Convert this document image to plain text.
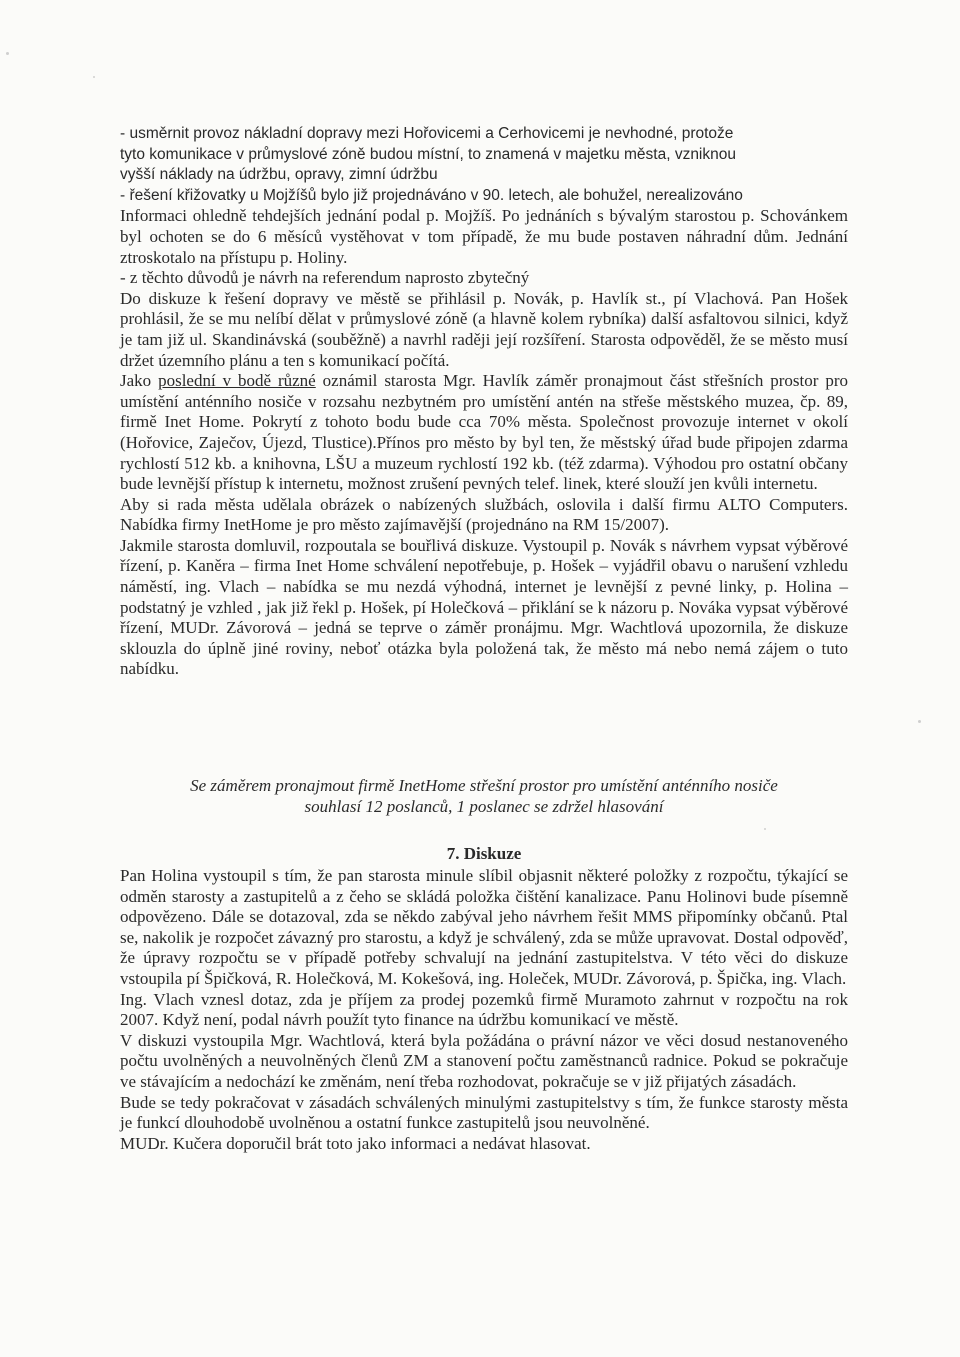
- usměrnit provoz nákladní dopravy mezi Hořovicemi a Cerhovicemi je nevhodné, protože

tyto komunikace v průmyslové zóně budou místní, to znamená v majetku města, vzniknou

vyšší náklady na údržbu, opravy, zimní údržbu

- řešení křižovatky u Mojžíšů bylo již projednáváno v 90. letech, ale bohužel, nerealizováno

Informaci ohledně tehdejších jednání podal p. Mojžíš. Po jednáních s bývalým starostou p. Schovánkem byl ochoten se do 6 měsíců vystěhovat v tom případě, že mu bude postaven náhradní dům. Jednání ztroskotalo na přístupu p. Holiny.

- z těchto důvodů je návrh na referendum naprosto zbytečný

Do diskuze k řešení dopravy ve městě se přihlásil p. Novák, p. Havlík st., pí Vlachová. Pan Hošek prohlásil, že se mu nelíbí dělat v průmyslové zóně (a hlavně kolem rybníka) další asfaltovou silnici, když je tam již ul. Skandinávská (souběžně) a navrhl raději její rozšíření. Starosta odpověděl, že se město musí držet územního plánu a ten s komunikací počítá.

Jako poslední v bodě různé oznámil starosta Mgr. Havlík záměr pronajmout část střešních prostor pro umístění anténního nosiče v rozsahu nezbytném pro umístění antén na střeše městského muzea, čp. 89, firmě Inet Home. Pokrytí z tohoto bodu bude cca 70% města. Společnost provozuje internet v okolí (Hořovice, Zaječov, Újezd, Tlustice).Přínos pro město by byl ten, že městský úřad bude připojen zdarma rychlostí 512 kb. a knihovna, LŠU a muzeum rychlostí 192 kb. (též zdarma). Výhodou pro ostatní občany bude levnější přístup k internetu, možnost zrušení pevných telef. linek, které slouží jen kvůli internetu.

Aby si rada města udělala obrázek o nabízených službách, oslovila i další firmu ALTO Computers. Nabídka firmy InetHome je pro město zajímavější (projednáno na RM 15/2007).

Jakmile starosta domluvil, rozpoutala se bouřlivá diskuze. Vystoupil p. Novák s návrhem vypsat výběrové řízení, p. Kaněra – firma Inet Home schválení nepotřebuje, p. Hošek – vyjádřil obavu o narušení vzhledu náměstí, ing. Vlach – nabídka se mu nezdá výhodná, internet je levnější z pevné linky, p. Holina – podstatný je vzhled , jak již řekl p. Hošek, pí Holečková – přiklání se k názoru p. Nováka vypsat výběrové řízení, MUDr. Závorová – jedná se teprve o záměr pronájmu. Mgr. Wachtlová upozornila, že diskuze sklouzla do úplně jiné roviny, neboť otázka byla položená tak, že město má nebo nemá zájem o tuto nabídku.

Se záměrem pronajmout firmě InetHome střešní prostor pro umístění anténního nosiče

souhlasí 12 poslanců, 1 poslanec se zdržel hlasování

7. Diskuze

Pan Holina vystoupil s tím, že pan starosta minule slíbil objasnit některé položky z rozpočtu, týkající se odměn starosty a zastupitelů a z čeho se skládá položka čištění kanalizace. Panu Holinovi bude písemně odpovězeno. Dále se dotazoval, zda se někdo zabýval jeho návrhem řešit MMS připomínky občanů. Ptal se, nakolik je rozpočet závazný pro starostu, a když je schválený, zda se může upravovat. Dostal odpověď, že úpravy rozpočtu se v případě potřeby schvalují na jednání zastupitelstva. V této věci do diskuze vstoupila pí Špičková, R. Holečková, M. Kokešová, ing. Holeček, MUDr. Závorová, p. Špička, ing. Vlach.

Ing. Vlach vznesl dotaz, zda je příjem za prodej pozemků firmě Muramoto zahrnut v rozpočtu na rok 2007. Když není, podal návrh použít tyto finance na údržbu komunikací ve městě.

V diskuzi vystoupila Mgr. Wachtlová, která byla požádána o právní názor ve věci dosud nestanoveného počtu uvolněných a neuvolněných členů ZM a stanovení počtu zaměstnanců radnice. Pokud se pokračuje ve stávajícím a nedochází ke změnám, není třeba rozhodovat, pokračuje se v již přijatých zásadách.

Bude se tedy pokračovat v zásadách schválených minulými zastupitelstvy s tím, že funkce starosty města je funkcí dlouhodobě uvolněnou a ostatní funkce zastupitelů jsou neuvolněné.

MUDr. Kučera doporučil brát toto jako informaci a nedávat hlasovat.
